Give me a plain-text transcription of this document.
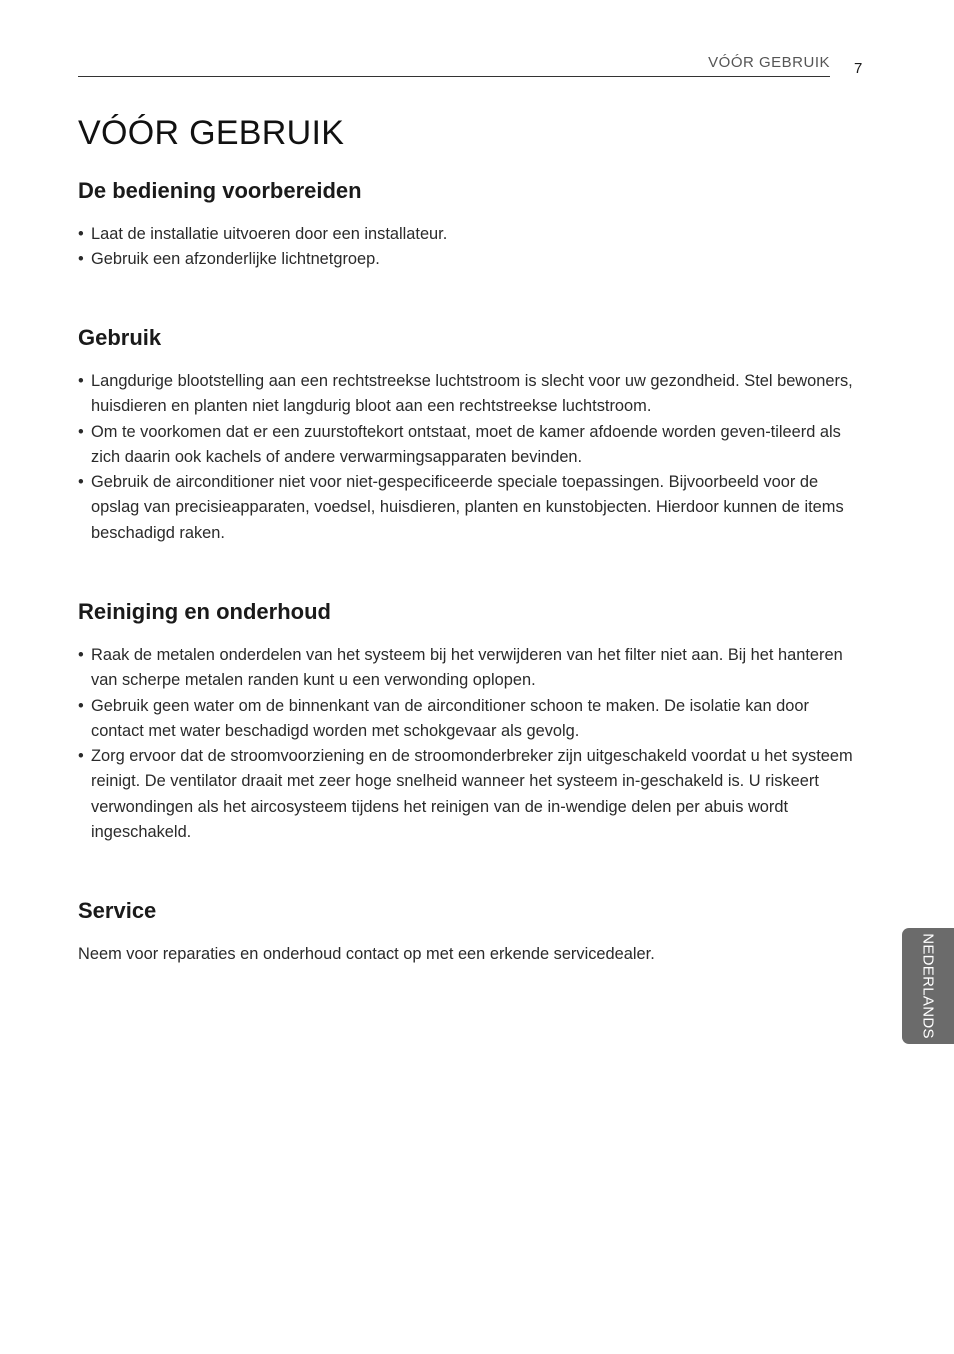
VÓÓR GEBRUIK 7
VÓÓR GEBRUIK
De bediening voorbereiden
• Laat de installatie uitvoeren door een installateur.
• Gebruik een afzonderlijke lichtnetgroep.
Gebruik
• Langdurige blootstelling aan een rechtstreekse luchtstroom is slecht voor uw gezondheid. Stel bewoners, huisdieren en planten niet langdurig bloot aan een rechtstreekse luchtstroom.
• Om te voorkomen dat er een zuurstoftekort ontstaat, moet de kamer afdoende worden geven-tileerd als zich daarin ook kachels of andere verwarmingsapparaten bevinden.
• Gebruik de airconditioner niet voor niet-gespecificeerde speciale toepassingen. Bijvoorbeeld voor de opslag van precisieapparaten, voedsel, huisdieren, planten en kunstobjecten. Hierdoor kunnen de items beschadigd raken.
Reiniging en onderhoud
• Raak de metalen onderdelen van het systeem bij het verwijderen van het filter niet aan. Bij het hanteren van scherpe metalen randen kunt u een verwonding oplopen.
• Gebruik geen water om de binnenkant van de airconditioner schoon te maken. De isolatie kan door contact met water beschadigd worden met schokgevaar als gevolg.
• Zorg ervoor dat de stroomvoorziening en de stroomonderbreker zijn uitgeschakeld voordat u het systeem reinigt. De ventilator draait met zeer hoge snelheid wanneer het systeem in-geschakeld is. U riskeert verwondingen als het aircosysteem tijdens het reinigen van de in-wendige delen per abuis wordt ingeschakeld.
Service

Neem voor reparaties en onderhoud contact op met een erkende servicedealer.	NEDERLANDS
